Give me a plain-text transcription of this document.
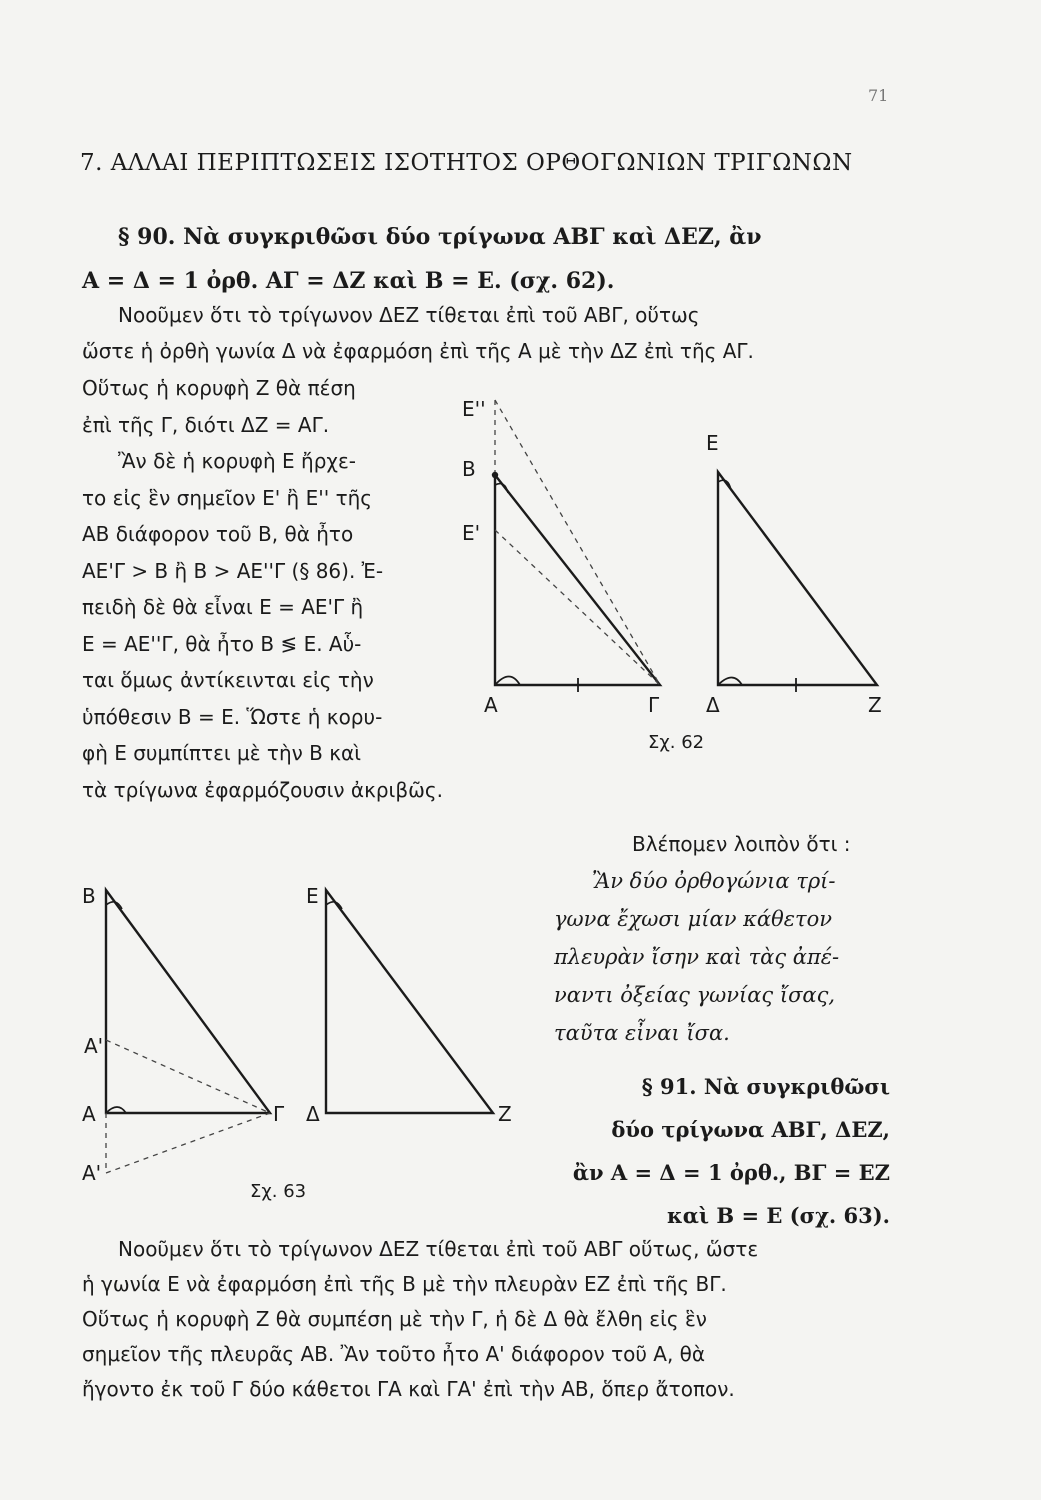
71
7. ΑΛΛΑΙ ΠΕΡΙΠΤΩΣΕΙΣ ΙΣΟΤΗΤΟΣ ΟΡΘΟΓΩΝΙΩΝ ΤΡΙΓΩΝΩΝ
§ 90. Νὰ συγκριθῶσι δύο τρίγωνα ΑΒΓ καὶ ΔΕΖ, ἂν
Α = Δ = 1 ὀρθ. ΑΓ = ΔΖ καὶ Β = Ε. (σχ. 62).
Νοοῦμεν ὅτι τὸ τρίγωνον ΔΕΖ τίθεται ἐπὶ τοῦ ΑΒΓ, οὕτως
ὥστε ἡ ὀρθὴ γωνία Δ νὰ ἐφαρμόση ἐπὶ τῆς Α μὲ τὴν ΔΖ ἐπὶ τῆς ΑΓ.
Οὕτως ἡ κορυφὴ Ζ θὰ πέση
ἐπὶ τῆς Γ, διότι ΔΖ = ΑΓ.
Ἂν δὲ ἡ κορυφὴ Ε ἤρχε-
το εἰς ἓν σημεῖον Ε' ἢ Ε'' τῆς
ΑΒ διάφορον τοῦ Β, θὰ ἦτο
ΑΕ'Γ > Β ἢ Β > ΑΕ''Γ (§ 86). Ἐ-
πειδὴ δὲ θὰ εἶναι Ε = ΑΕ'Γ ἢ
Ε = ΑΕ''Γ, θὰ ἦτο Β ≶ Ε. Αὗ-
ται ὅμως ἀντίκεινται εἰς τὴν
ὑπόθεσιν Β = Ε. Ὥστε ἡ κορυ-
φὴ Ε συμπίπτει μὲ τὴν Β καὶ
τὰ τρίγωνα ἐφαρμόζουσιν ἀκριβῶς.
E''
B
E'
A	Γ
E
Δ	Z
Σχ. 62
Βλέπομεν λοιπὸν ὅτι :
Ἂν δύο ὀρθογώνια τρί-
γωνα ἔχωσι μίαν κάθετον
πλευρὰν ἴσην καὶ τὰς ἀπέ-
ναντι ὀξείας γωνίας ἴσας,
ταῦτα εἶναι ἴσα.
B
A'
A
A'
Γ
E
Δ	Z
Σχ. 63
§ 91. Νὰ συγκριθῶσι
δύο τρίγωνα ΑΒΓ, ΔΕΖ,
ἂν Α = Δ = 1 ὀρθ., ΒΓ = ΕΖ
καὶ Β = Ε (σχ. 63).
Νοοῦμεν ὅτι τὸ τρίγωνον ΔΕΖ τίθεται ἐπὶ τοῦ ΑΒΓ οὕτως, ὥστε
ἡ γωνία Ε νὰ ἐφαρμόση ἐπὶ τῆς Β μὲ τὴν πλευρὰν ΕΖ ἐπὶ τῆς ΒΓ.
Οὕτως ἡ κορυφὴ Ζ θὰ συμπέση μὲ τὴν Γ, ἡ δὲ Δ θὰ ἔλθη εἰς ἓν
σημεῖον τῆς πλευρᾶς ΑΒ. Ἂν τοῦτο ἦτο Α' διάφορον τοῦ Α, θὰ
ἤγοντο ἐκ τοῦ Γ δύο κάθετοι ΓΑ καὶ ΓΑ' ἐπὶ τὴν ΑΒ, ὅπερ ἄτοπον.
